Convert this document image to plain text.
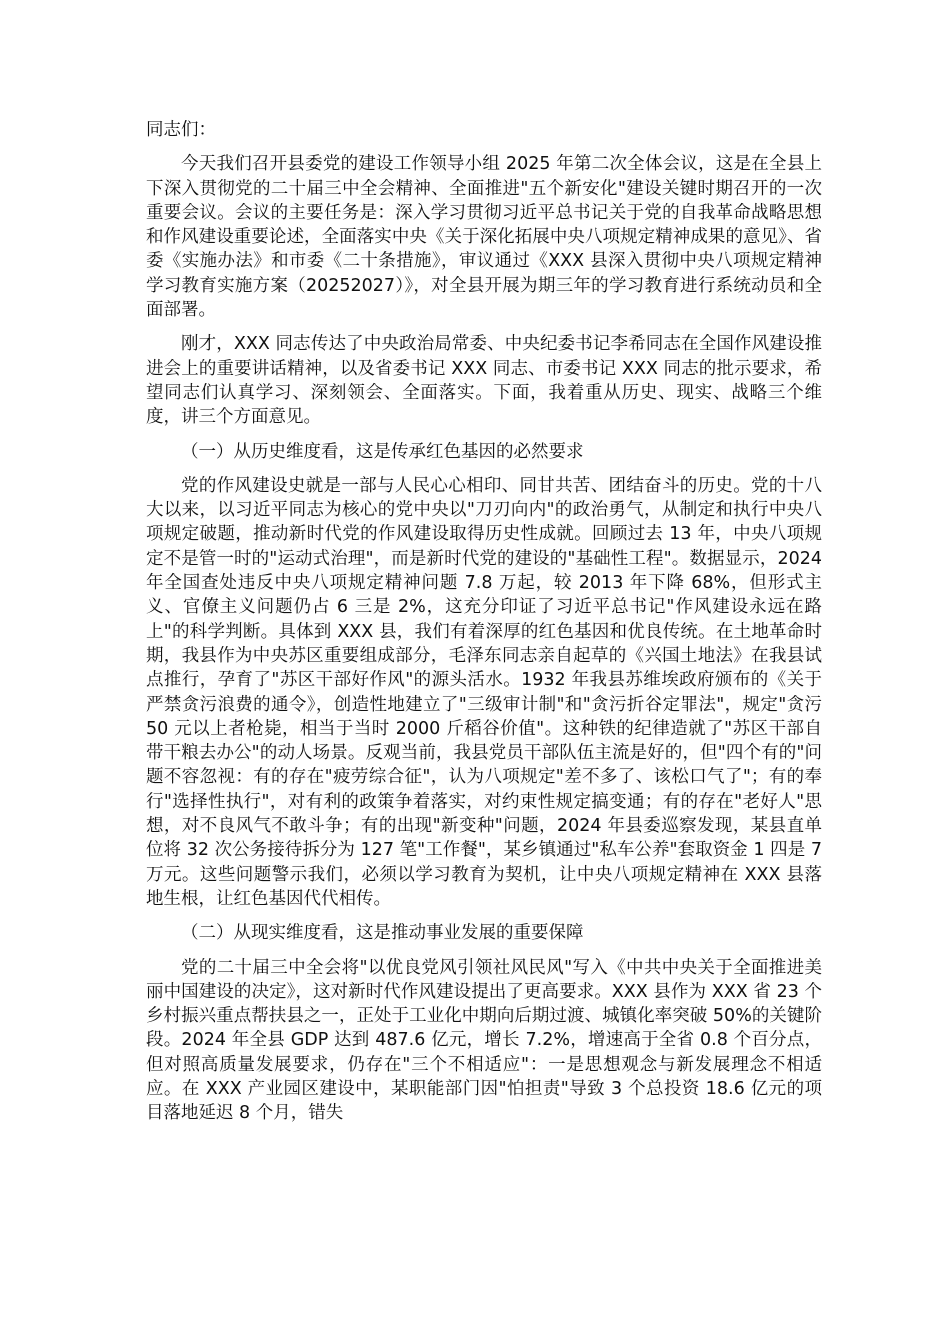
同志们：

今天我们召开县委党的建设工作领导小组 2025 年第二次全体会议，这是在全县上下深入贯彻党的二十届三中全会精神、全面推进"五个新安化"建设关键时期召开的一次重要会议。会议的主要任务是：深入学习贯彻习近平总书记关于党的自我革命战略思想和作风建设重要论述，全面落实中央《关于深化拓展中央八项规定精神成果的意见》、省委《实施办法》和市委《二十条措施》，审议通过《XXX 县深入贯彻中央八项规定精神学习教育实施方案（20252027）》，对全县开展为期三年的学习教育进行系统动员和全面部署。

刚才，XXX 同志传达了中央政治局常委、中央纪委书记李希同志在全国作风建设推进会上的重要讲话精神，以及省委书记 XXX 同志、市委书记 XXX 同志的批示要求，希望同志们认真学习、深刻领会、全面落实。下面，我着重从历史、现实、战略三个维度，讲三个方面意见。

（一）从历史维度看，这是传承红色基因的必然要求

党的作风建设史就是一部与人民心心相印、同甘共苦、团结奋斗的历史。党的十八大以来，以习近平同志为核心的党中央以"刀刃向内"的政治勇气，从制定和执行中央八项规定破题，推动新时代党的作风建设取得历史性成就。回顾过去 13 年，中央八项规定不是管一时的"运动式治理"，而是新时代党的建设的"基础性工程"。数据显示，2024 年全国查处违反中央八项规定精神问题 7.8 万起，较 2013 年下降 68%，但形式主义、官僚主义问题仍占 6 三是 2%，这充分印证了习近平总书记"作风建设永远在路上"的科学判断。具体到 XXX 县，我们有着深厚的红色基因和优良传统。在土地革命时期，我县作为中央苏区重要组成部分，毛泽东同志亲自起草的《兴国土地法》在我县试点推行，孕育了"苏区干部好作风"的源头活水。1932 年我县苏维埃政府颁布的《关于严禁贪污浪费的通令》，创造性地建立了"三级审计制"和"贪污折谷定罪法"，规定"贪污 50 元以上者枪毙，相当于当时 2000 斤稻谷价值"。这种铁的纪律造就了"苏区干部自带干粮去办公"的动人场景。反观当前，我县党员干部队伍主流是好的，但"四个有的"问题不容忽视：有的存在"疲劳综合征"，认为八项规定"差不多了、该松口气了"；有的奉行"选择性执行"，对有利的政策争着落实，对约束性规定搞变通；有的存在"老好人"思想，对不良风气不敢斗争；有的出现"新变种"问题，2024 年县委巡察发现，某县直单位将 32 次公务接待拆分为 127 笔"工作餐"，某乡镇通过"私车公养"套取资金 1 四是 7 万元。这些问题警示我们，必须以学习教育为契机，让中央八项规定精神在 XXX 县落地生根，让红色基因代代相传。

（二）从现实维度看，这是推动事业发展的重要保障

党的二十届三中全会将"以优良党风引领社风民风"写入《中共中央关于全面推进美丽中国建设的决定》，这对新时代作风建设提出了更高要求。XXX 县作为 XXX 省 23 个乡村振兴重点帮扶县之一，正处于工业化中期向后期过渡、城镇化率突破 50%的关键阶段。2024 年全县 GDP 达到 487.6 亿元，增长 7.2%，增速高于全省 0.8 个百分点，但对照高质量发展要求，仍存在"三个不相适应"：一是思想观念与新发展理念不相适应。在 XXX 产业园区建设中，某职能部门因"怕担责"导致 3 个总投资 18.6 亿元的项目落地延迟 8 个月，错失
